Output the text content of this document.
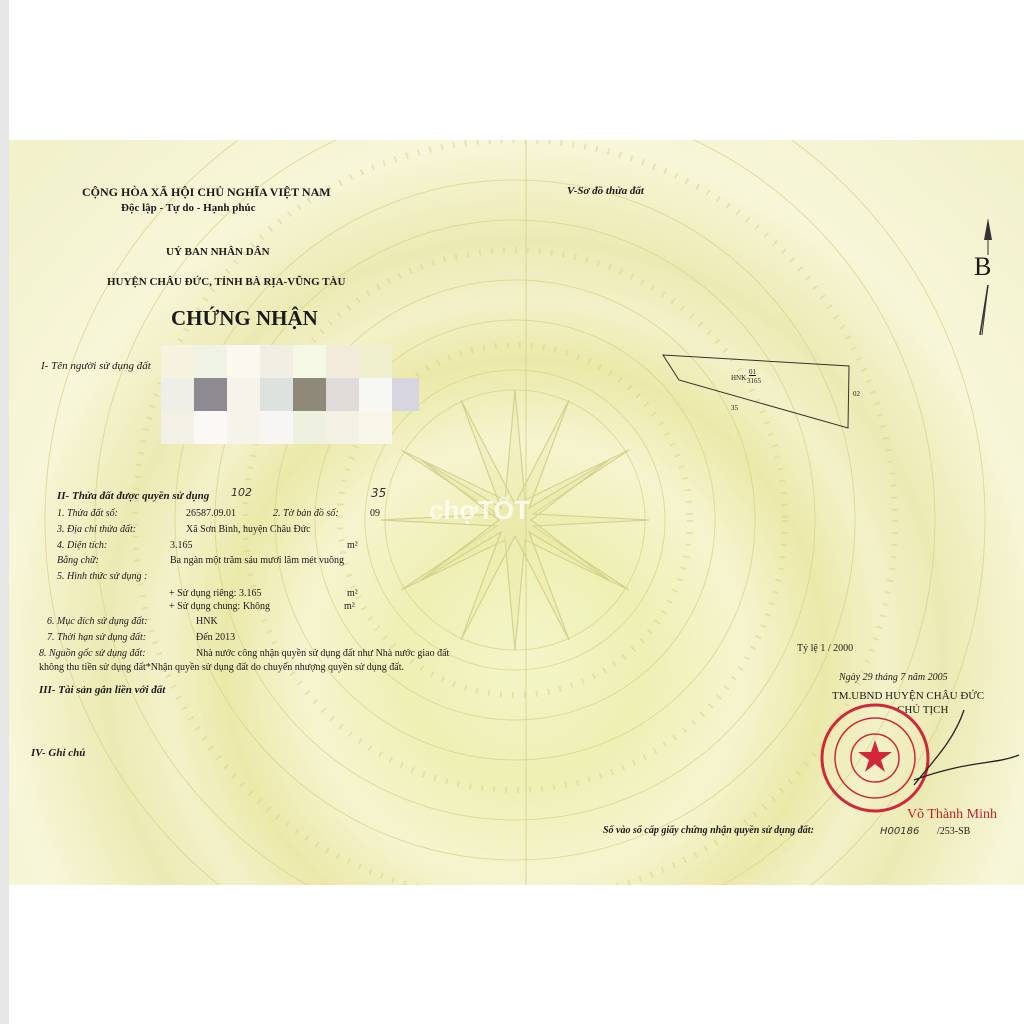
chợTỐT
CỘNG HÒA XÃ HỘI CHỦ NGHĨA VIỆT NAM
Độc lập - Tự do - Hạnh phúc
UỶ BAN NHÂN DÂN
HUYỆN CHÂU ĐỨC, TỈNH BÀ RỊA-VŨNG TÀU
CHỨNG NHẬN
I- Tên người sử dụng đất
II- Thửa đất được quyền sử dụng 102	35
1. Thửa đất số:	26587.09.01	2. Tờ bản đồ số:	09
3. Địa chỉ thửa đất:	Xã Sơn Bình, huyện Châu Đức
4. Diện tích:	3.165	m²
Bằng chữ:	Ba ngàn một trăm sáu mươi lăm mét vuông
5. Hình thức sử dụng :
+ Sử dụng riêng: 3.165	m²
+ Sử dụng chung: Không	m²
6. Mục đích sử dụng đất:	HNK
7. Thời hạn sử dụng đất:	Đến 2013
8. Nguồn gốc sử dụng đất:	Nhà nước công nhận quyền sử dụng đất như Nhà nước giao đất
không thu tiền sử dụng đất*Nhận quyền sử dụng đất do chuyển nhượng quyền sử dụng đất.
III- Tài sản gắn liền với đất
IV- Ghi chú
V-Sơ đồ thửa đất
B
HNK
01
3165
35
02
Tỷ lệ 1 / 2000
Ngày 29 tháng 7 năm 2005
TM.UBND HUYỆN CHÂU ĐỨC
CHỦ TỊCH
Võ Thành Minh
Số vào sổ cấp giấy chứng nhận quyền sử dụng đất:	H00186 /253-SB
